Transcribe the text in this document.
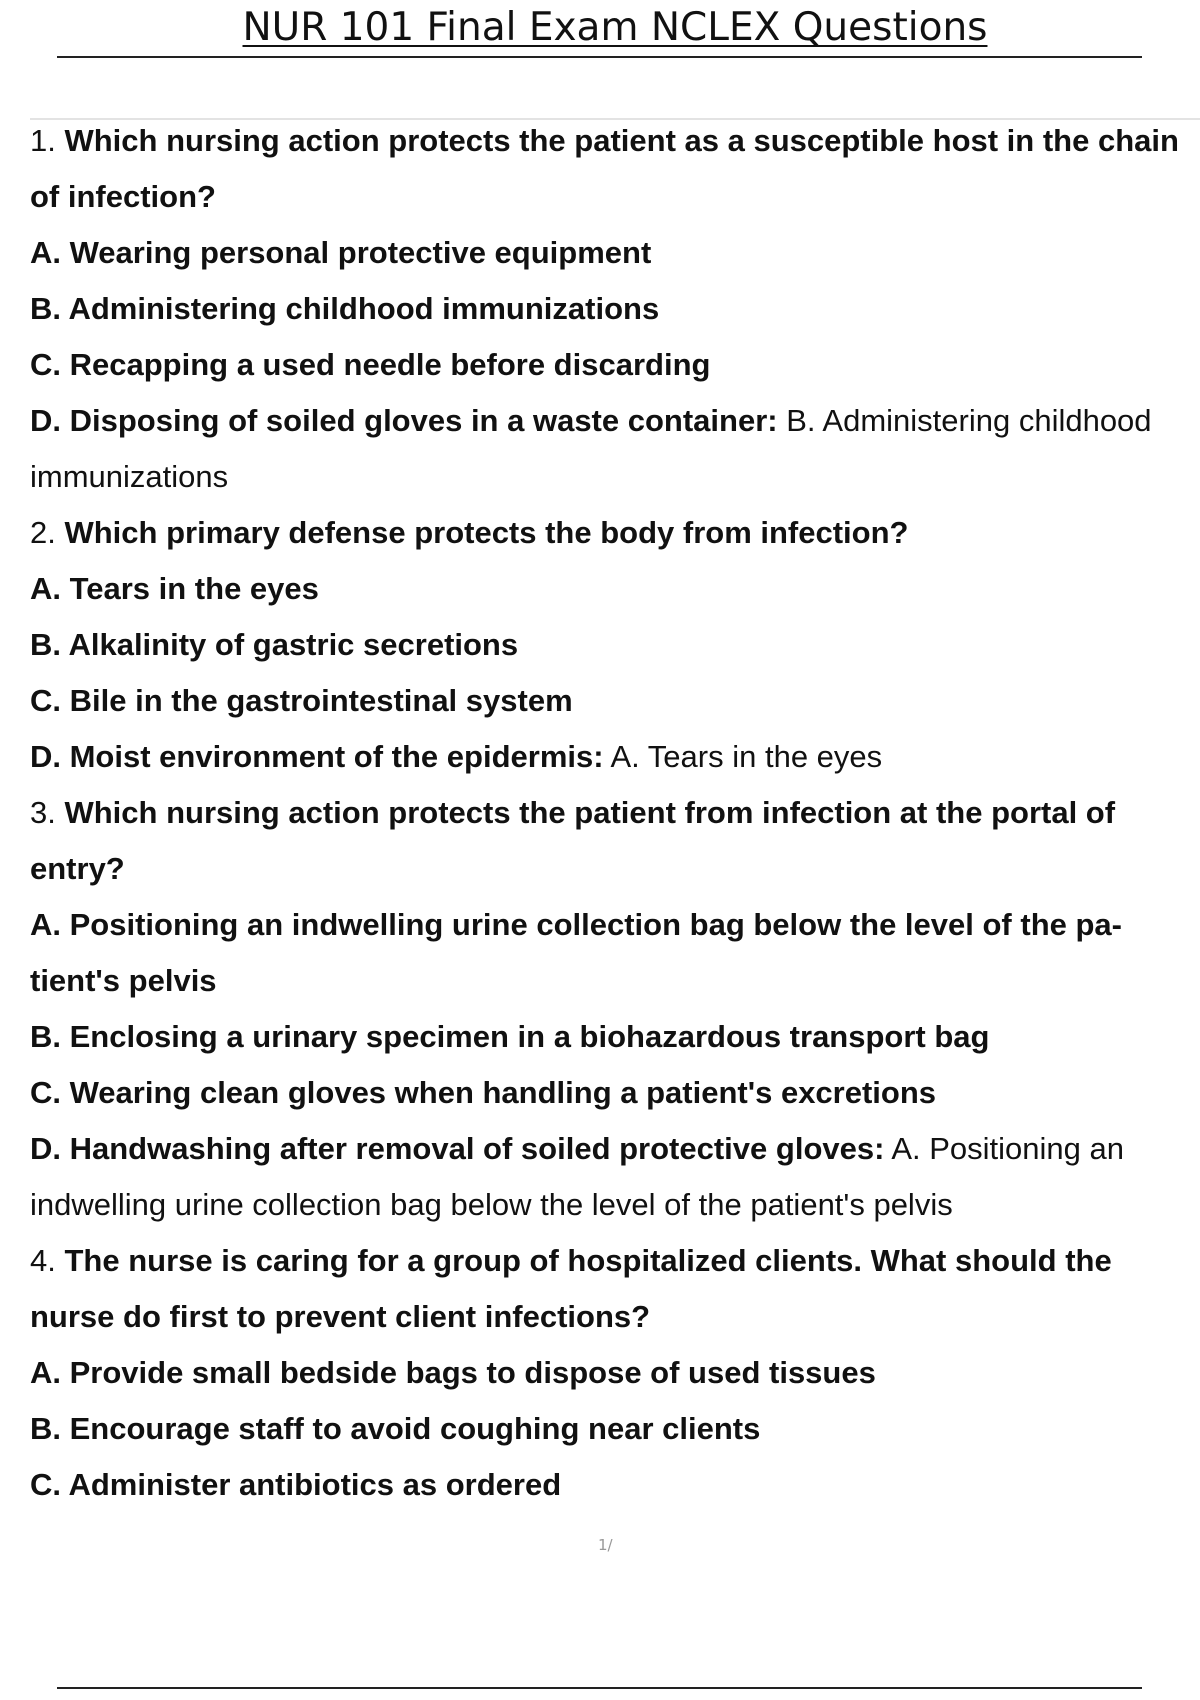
NUR 101 Final Exam NCLEX Questions
1. Which nursing action protects the patient as a susceptible host in the chain
of infection?
A. Wearing personal protective equipment
B. Administering childhood immunizations
C. Recapping a used needle before discarding
D. Disposing of soiled gloves in a waste container: B. Administering childhood
immunizations
2. Which primary defense protects the body from infection?
A. Tears in the eyes
B. Alkalinity of gastric secretions
C. Bile in the gastrointestinal system
D. Moist environment of the epidermis: A. Tears in the eyes
3. Which nursing action protects the patient from infection at the portal of
entry?
A. Positioning an indwelling urine collection bag below the level of the pa-
tient's pelvis
B. Enclosing a urinary specimen in a biohazardous transport bag
C. Wearing clean gloves when handling a patient's excretions
D. Handwashing after removal of soiled protective gloves: A. Positioning an
indwelling urine collection bag below the level of the patient's pelvis
4. The nurse is caring for a group of hospitalized clients. What should the
nurse do first to prevent client infections?
A. Provide small bedside bags to dispose of used tissues
B. Encourage staff to avoid coughing near clients
C. Administer antibiotics as ordered
1/
